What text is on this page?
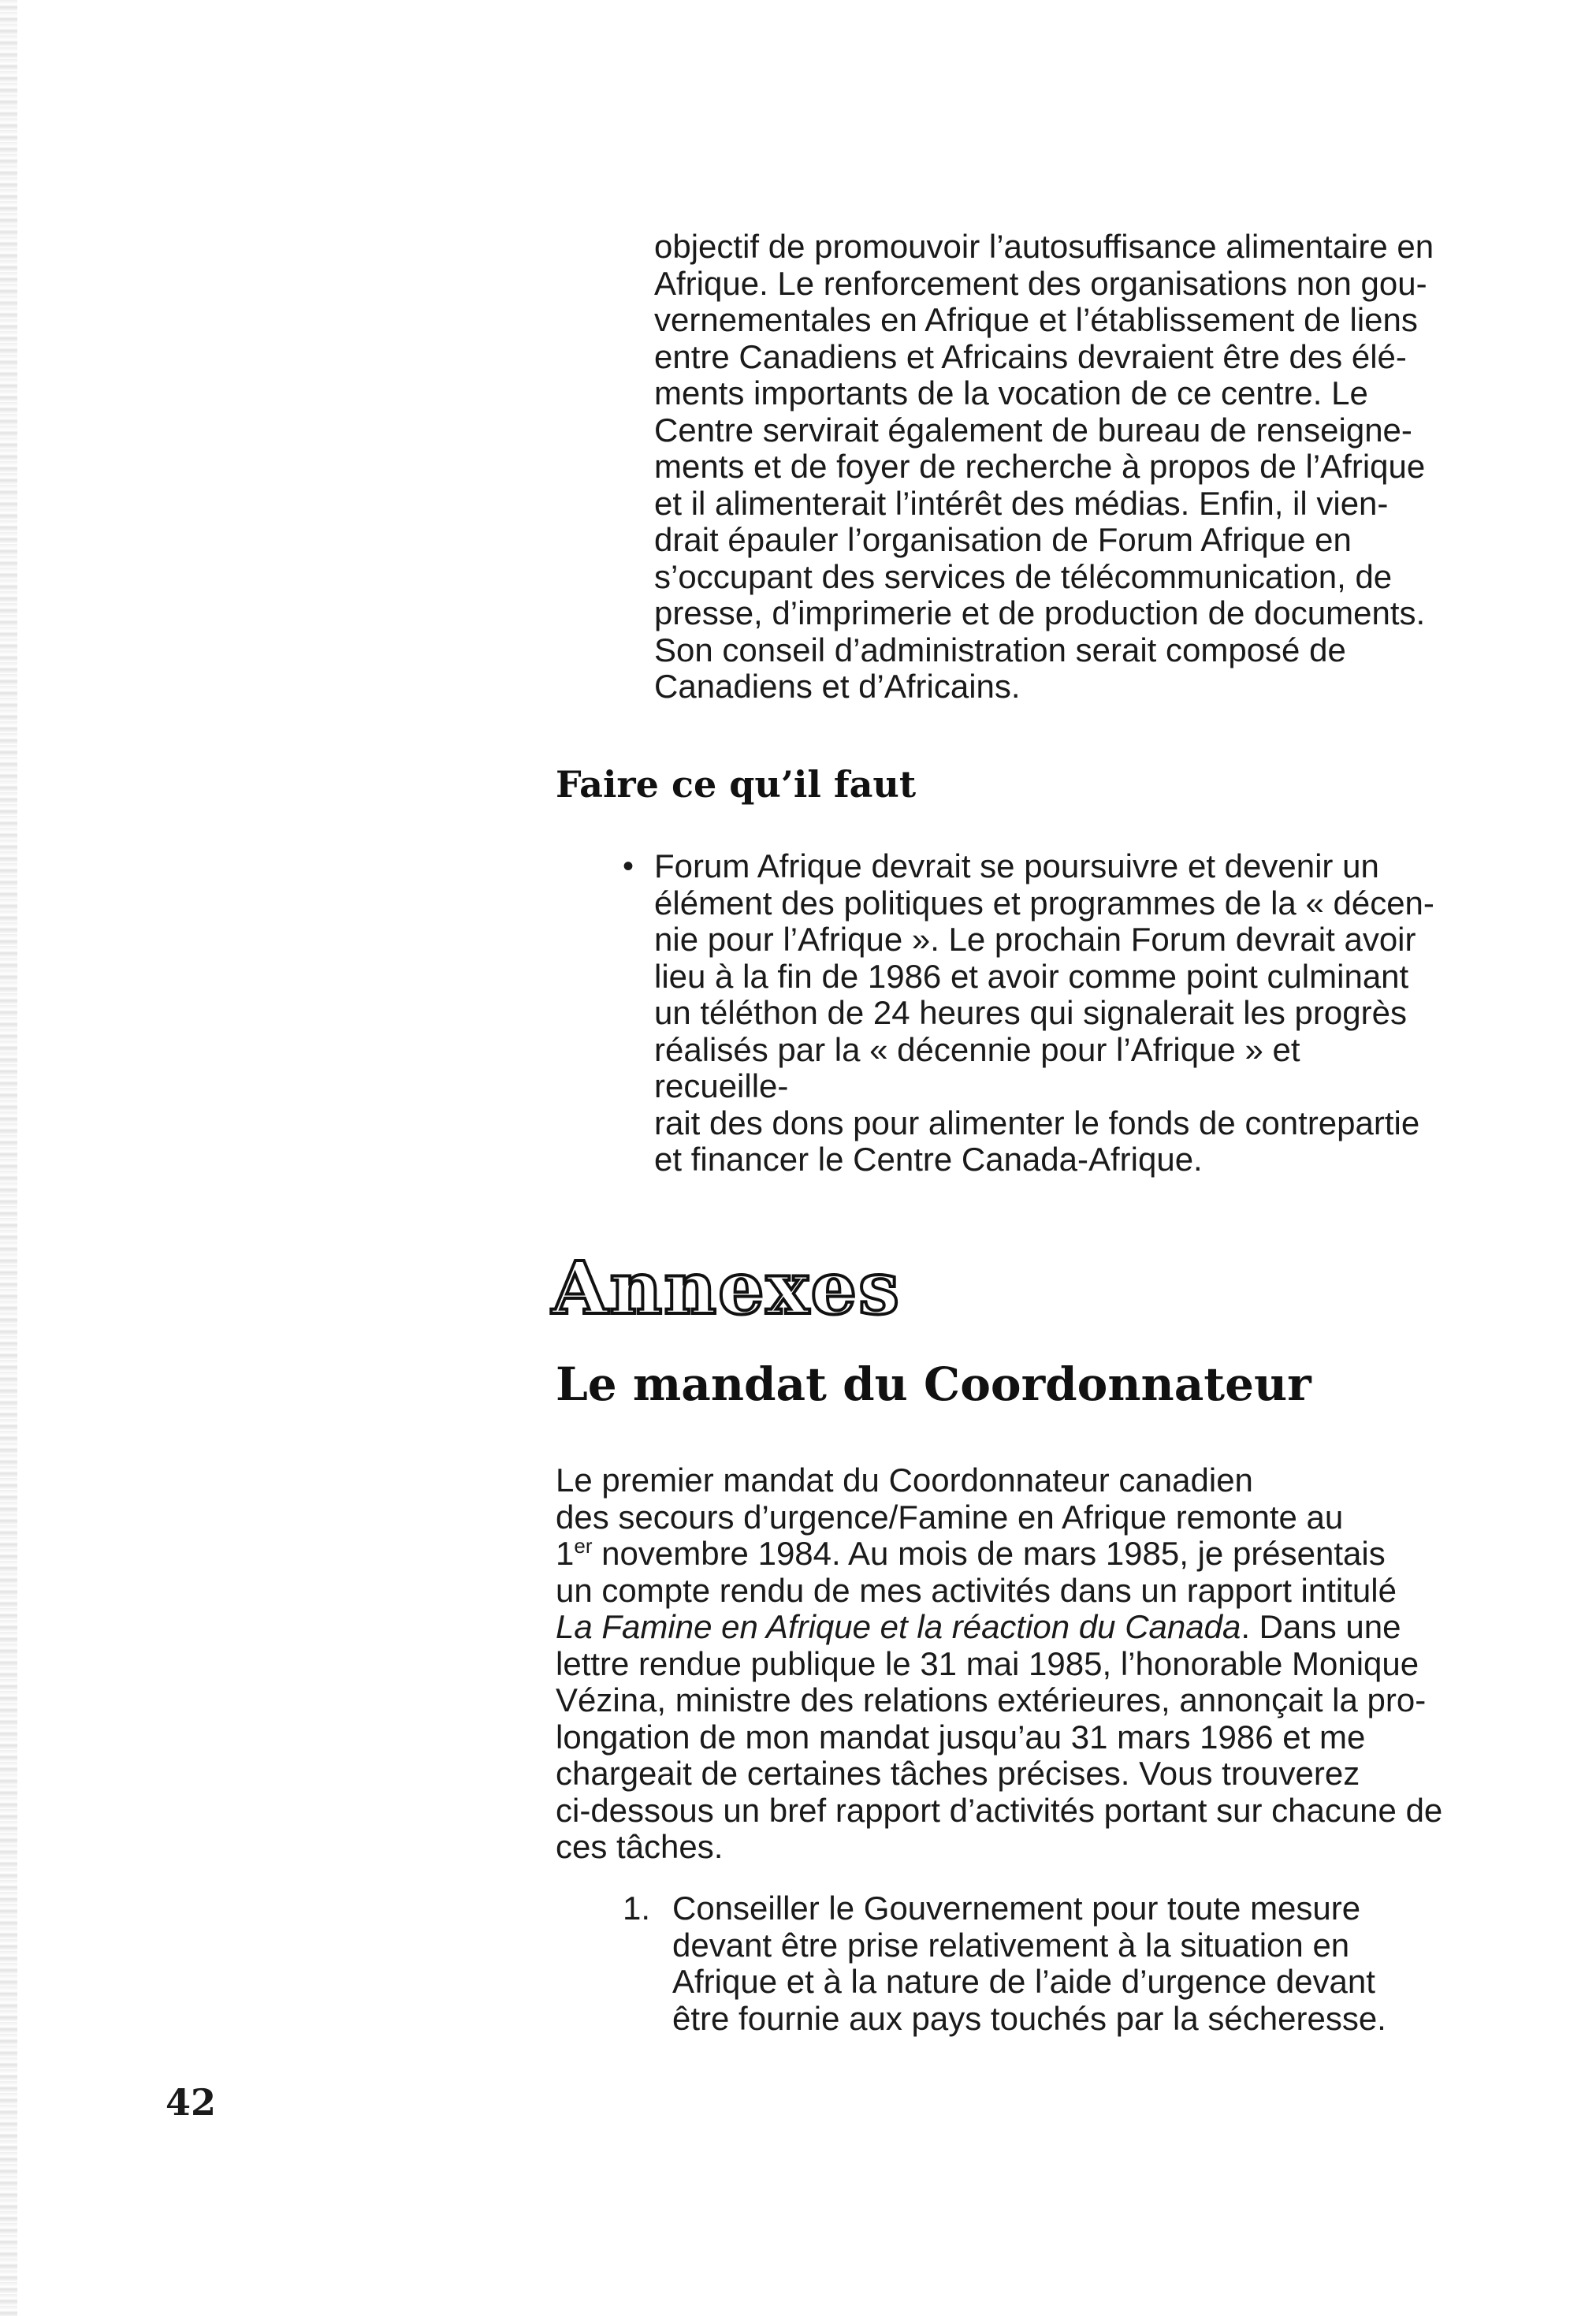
objectif de promouvoir l’autosuffisance alimentaire en
Afrique. Le renforcement des organisations non gou-
vernementales en Afrique et l’établissement de liens
entre Canadiens et Africains devraient être des élé-
ments importants de la vocation de ce centre. Le
Centre servirait également de bureau de renseigne-
ments et de foyer de recherche à propos de l’Afrique
et il alimenterait l’intérêt des médias. Enfin, il vien-
drait épauler l’organisation de Forum Afrique en
s’occupant des services de télécommunication, de
presse, d’imprimerie et de production de documents.
Son conseil d’administration serait composé de
Canadiens et d’Africains.

Faire ce qu’il faut
• Forum Afrique devrait se poursuivre et devenir un
élément des politiques et programmes de la « décen-
nie pour l’Afrique ». Le prochain Forum devrait avoir
lieu à la fin de 1986 et avoir comme point culminant
un téléthon de 24 heures qui signalerait les progrès
réalisés par la « décennie pour l’Afrique » et recueille-
rait des dons pour alimenter le fonds de contrepartie
et financer le Centre Canada-Afrique.
Annexes
Le mandat du Coordonnateur

Le premier mandat du Coordonnateur canadien
des secours d’urgence/Famine en Afrique remonte au
1er novembre 1984. Au mois de mars 1985, je présentais
un compte rendu de mes activités dans un rapport intitulé
La Famine en Afrique et la réaction du Canada. Dans une
lettre rendue publique le 31 mai 1985, l’honorable Monique
Vézina, ministre des relations extérieures, annonçait la pro-
longation de mon mandat jusqu’au 31 mars 1986 et me
chargeait de certaines tâches précises. Vous trouverez
ci-dessous un bref rapport d’activités portant sur chacune de
ces tâches.

1. Conseiller le Gouvernement pour toute mesure
devant être prise relativement à la situation en
Afrique et à la nature de l’aide d’urgence devant
être fournie aux pays touchés par la sécheresse.

42
